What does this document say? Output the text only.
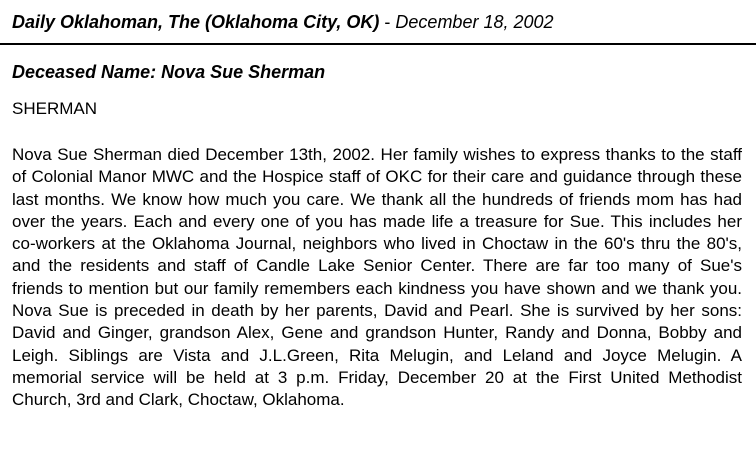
Daily Oklahoman, The (Oklahoma City, OK) - December 18, 2002
Deceased Name: Nova Sue Sherman
SHERMAN
Nova Sue Sherman died December 13th, 2002. Her family wishes to express thanks to the staff of Colonial Manor MWC and the Hospice staff of OKC for their care and guidance through these last months. We know how much you care. We thank all the hundreds of friends mom has had over the years. Each and every one of you has made life a treasure for Sue. This includes her co-workers at the Oklahoma Journal, neighbors who lived in Choctaw in the 60's thru the 80's, and the residents and staff of Candle Lake Senior Center. There are far too many of Sue's friends to mention but our family remembers each kindness you have shown and we thank you. Nova Sue is preceded in death by her parents, David and Pearl. She is survived by her sons: David and Ginger, grandson Alex, Gene and grandson Hunter, Randy and Donna, Bobby and Leigh. Siblings are Vista and J.L.Green, Rita Melugin, and Leland and Joyce Melugin. A memorial service will be held at 3 p.m. Friday, December 20 at the First United Methodist Church, 3rd and Clark, Choctaw, Oklahoma.
